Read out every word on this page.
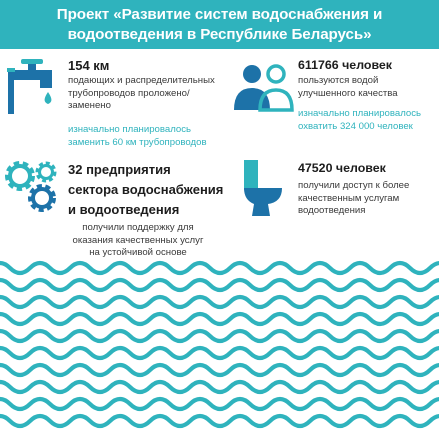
Проект «Развитие систем водоснабжения и
водоотведения в Республике Беларусь»
154 км
подающих и распределительных
трубопроводов проложено/
заменено
изначально планировалось
заменить 60 км трубопроводов
611766 человек
пользуются водой
улучшенного качества
изначально планировалось
охватить 324 000 человек
32 предприятия
сектора водоснабжения
и водоотведения
получили поддержку для
оказания качественных услуг
на устойчивой основе
47520 человек
получили доступ к более
качественным услугам
водоотведения
